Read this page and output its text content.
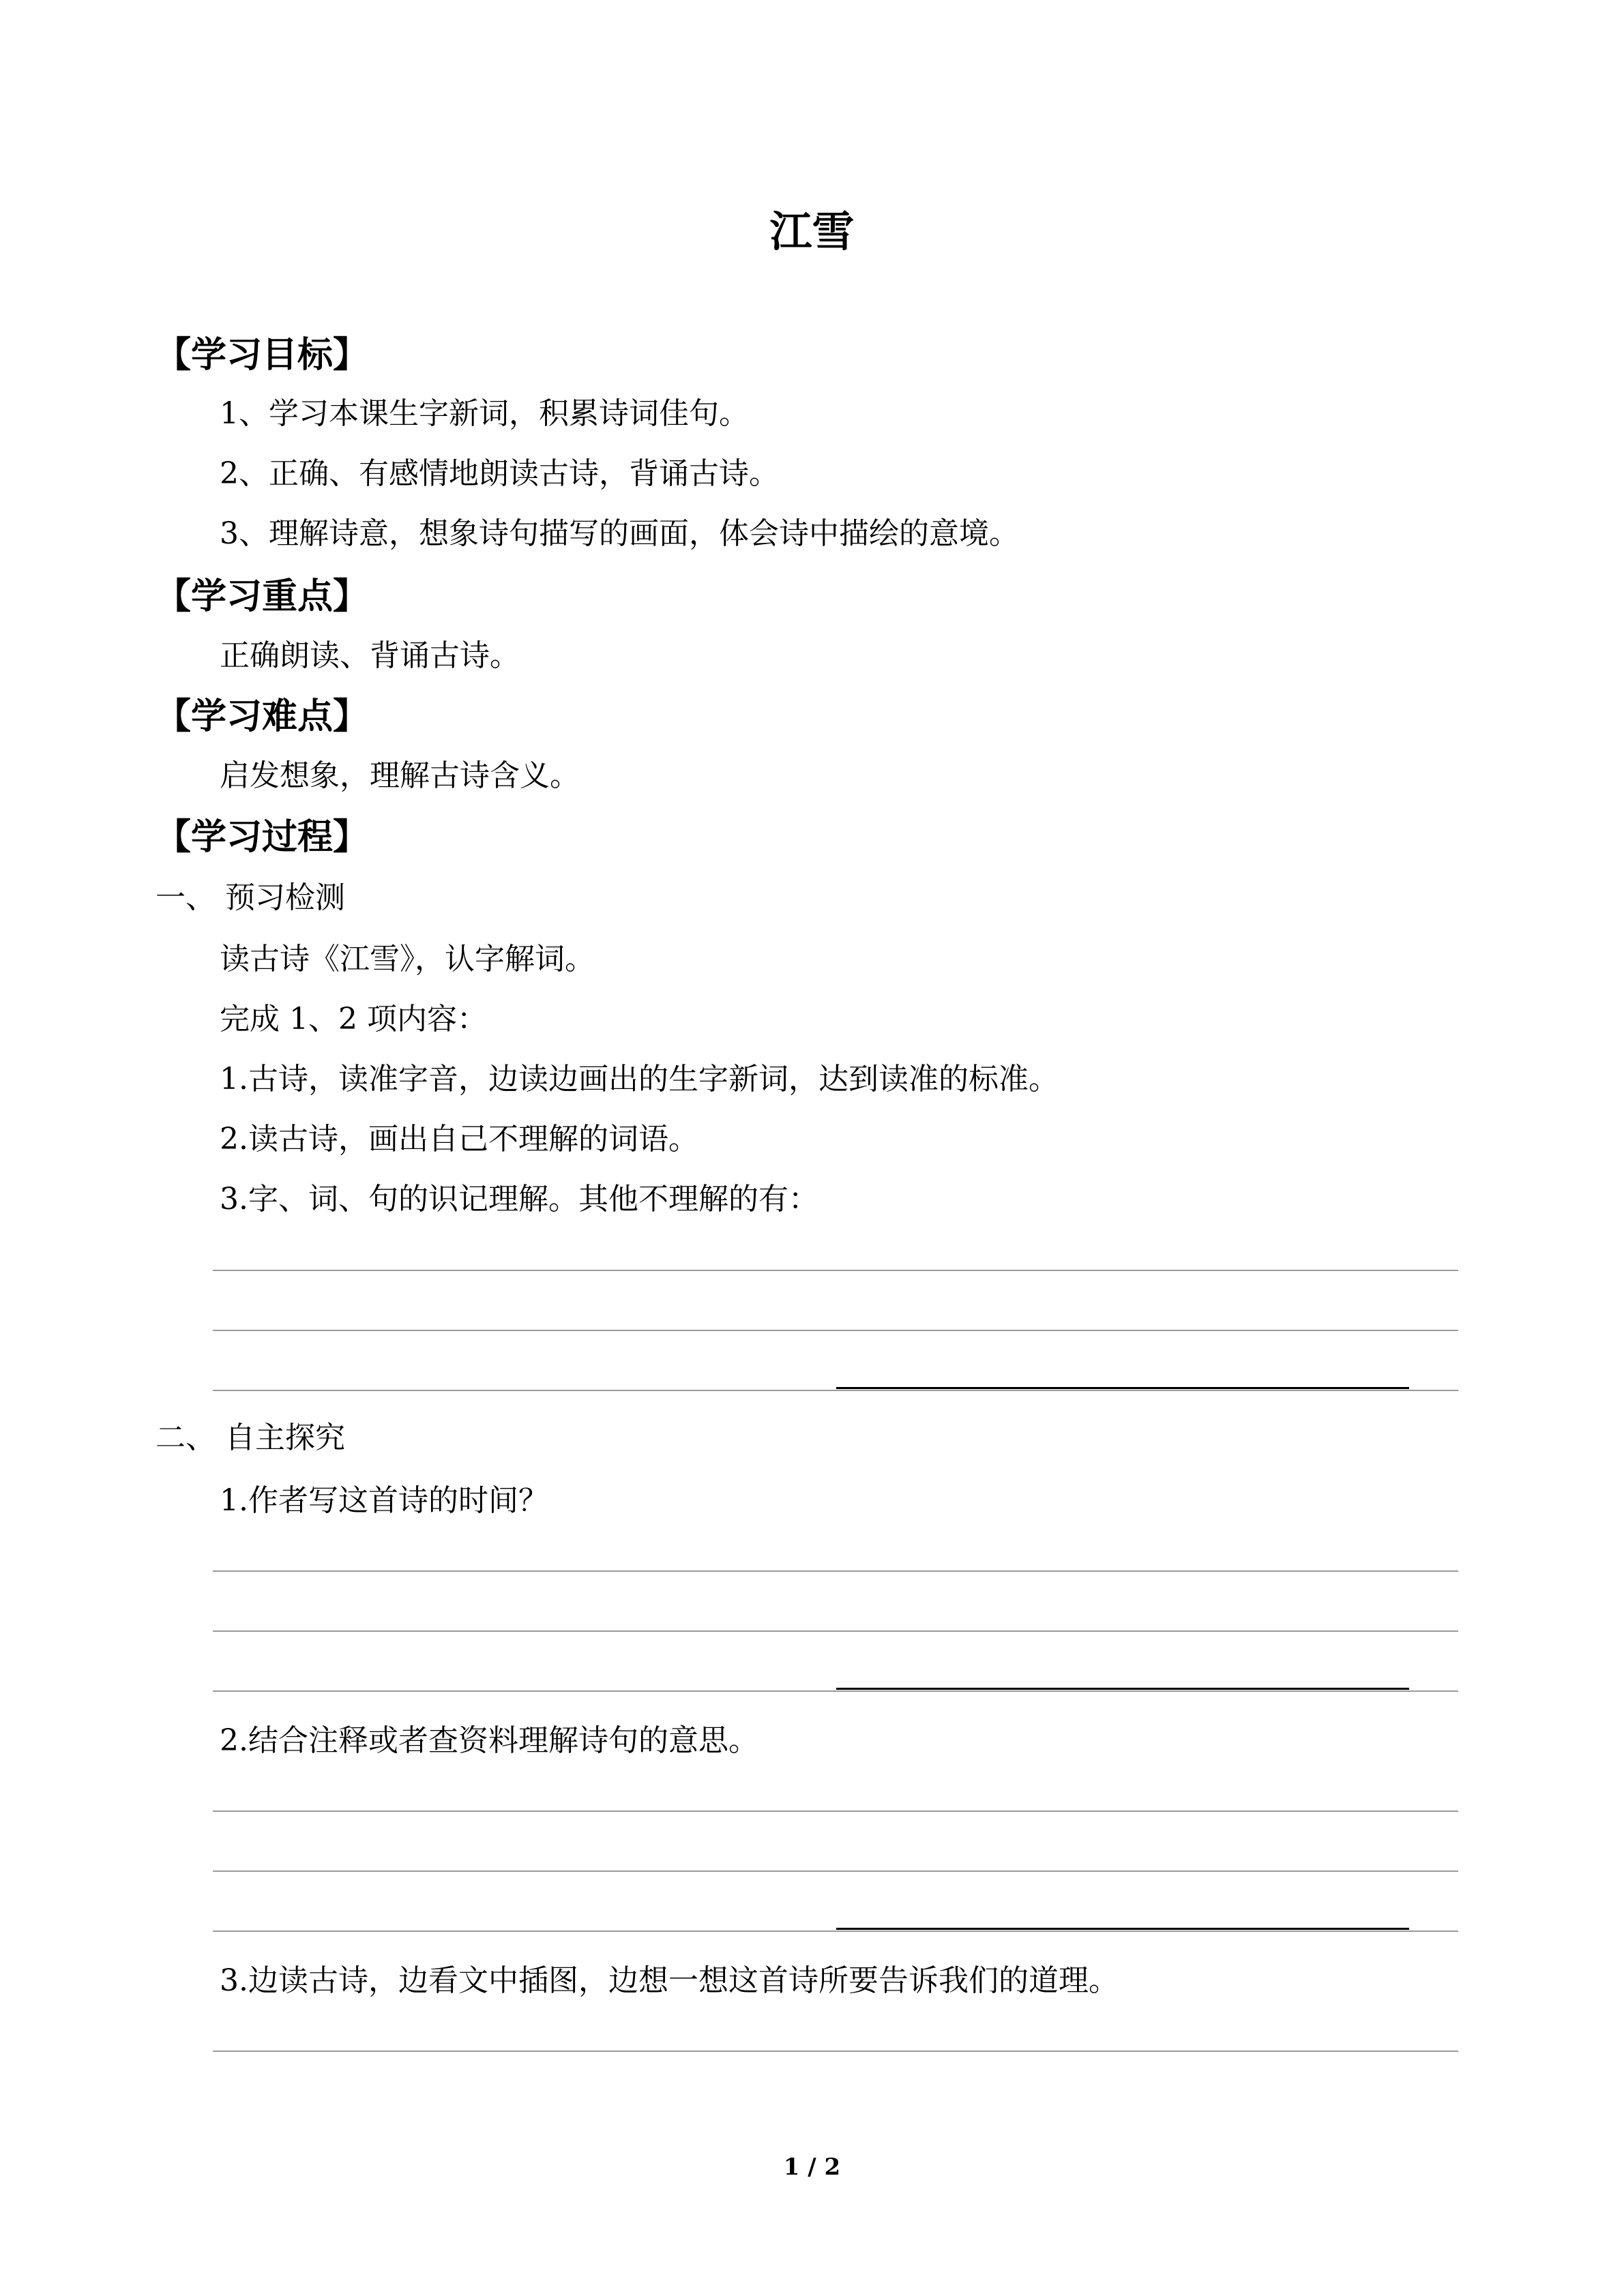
江雪
【学习目标】
1、学习本课生字新词，积累诗词佳句。
2、正确、有感情地朗读古诗，背诵古诗。
3、理解诗意，想象诗句描写的画面，体会诗中描绘的意境。
【学习重点】
正确朗读、背诵古诗。
【学习难点】
启发想象，理解古诗含义。
【学习过程】
一、 预习检测
读古诗《江雪》，认字解词。
完成 1、2 项内容：
1.古诗，读准字音，边读边画出的生字新词，达到读准的标准。
2.读古诗，画出自己不理解的词语。
3.字、词、句的识记理解。其他不理解的有：
二、 自主探究
1.作者写这首诗的时间？
2.结合注释或者查资料理解诗句的意思。
3.边读古诗，边看文中插图，边想一想这首诗所要告诉我们的道理。
1 / 2
